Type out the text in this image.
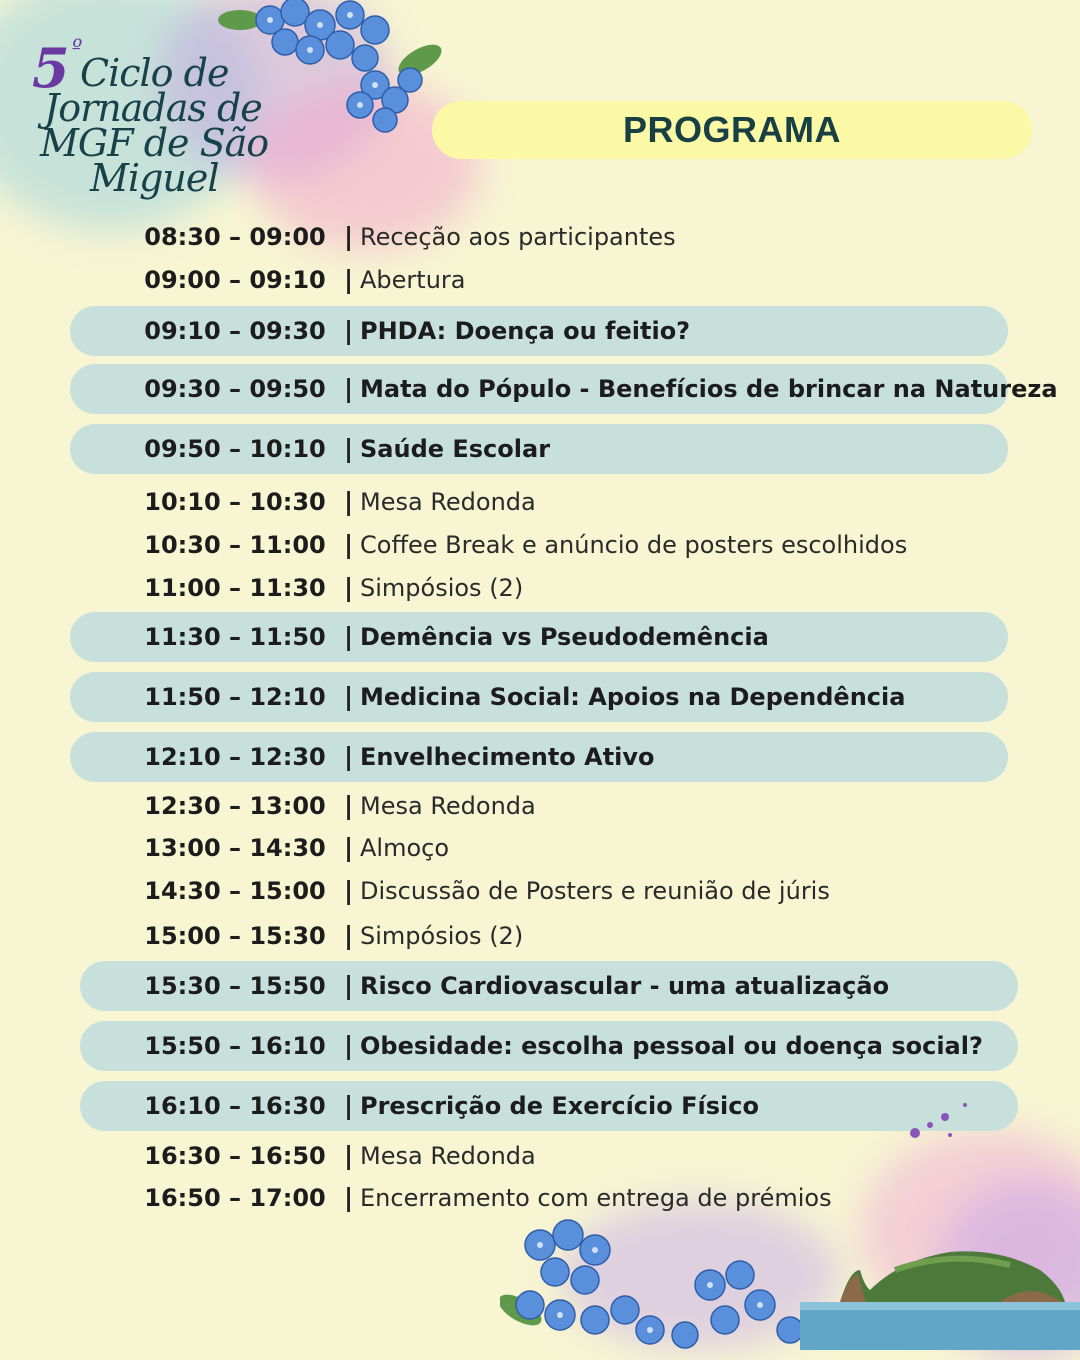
5 º
Ciclo de
Jornadas de
MGF de São
Miguel
PROGRAMA
08:30 – 09:00 | Receção aos participantes
09:00 – 09:10 | Abertura
09:10 – 09:30 | PHDA: Doença ou feitio?
09:30 – 09:50 | Mata do Pópulo - Benefícios de brincar na Natureza
09:50 – 10:10 | Saúde Escolar
10:10 – 10:30 | Mesa Redonda
10:30 – 11:00 | Coffee Break e anúncio de posters escolhidos
11:00 – 11:30 | Simpósios (2)
11:30 – 11:50 | Demência vs Pseudodemência
11:50 – 12:10 | Medicina Social: Apoios na Dependência
12:10 – 12:30 | Envelhecimento Ativo
12:30 – 13:00 | Mesa Redonda
13:00 – 14:30 | Almoço
14:30 – 15:00 | Discussão de Posters e reunião de júris
15:00 – 15:30 | Simpósios (2)
15:30 – 15:50 | Risco Cardiovascular - uma atualização
15:50 – 16:10 | Obesidade: escolha pessoal ou doença social?
16:10 – 16:30 | Prescrição de Exercício Físico
16:30 – 16:50 | Mesa Redonda
16:50 – 17:00 | Encerramento com entrega de prémios
